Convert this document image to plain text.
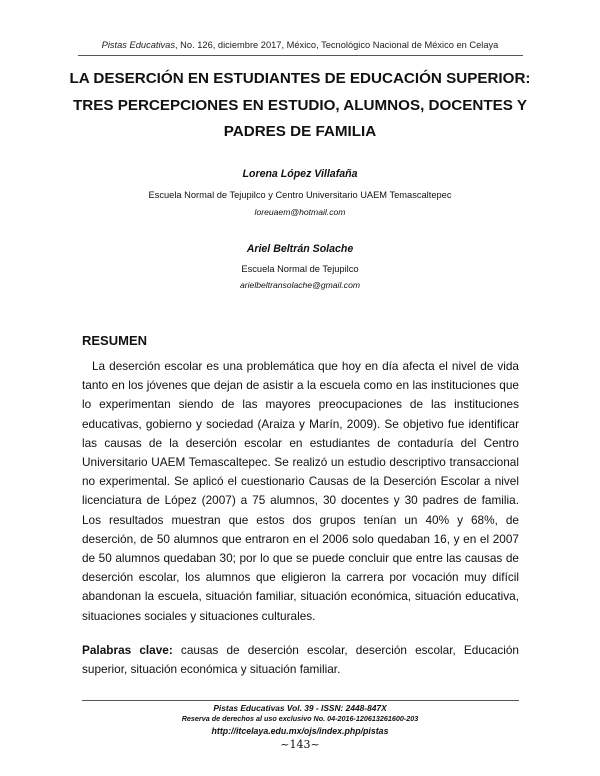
Pistas Educativas, No. 126, diciembre 2017, México, Tecnológico Nacional de México en Celaya
LA DESERCIÓN EN ESTUDIANTES DE EDUCACIÓN SUPERIOR: TRES PERCEPCIONES EN ESTUDIO, ALUMNOS, DOCENTES Y PADRES DE FAMILIA
Lorena López Villafaña
Escuela Normal de Tejupilco y Centro Universitario UAEM Temascaltepec
loreuaem@hotmail.com
Ariel Beltrán Solache
Escuela Normal de Tejupilco
arielbeltransolache@gmail.com
RESUMEN

La deserción escolar es una problemática que hoy en día afecta el nivel de vida tanto en los jóvenes que dejan de asistir a la escuela como en las instituciones que lo experimentan siendo de las mayores preocupaciones de las instituciones educativas, gobierno y sociedad (Araiza y Marín, 2009). Se objetivo fue identificar las causas de la deserción escolar en estudiantes de contaduría del Centro Universitario UAEM Temascaltepec. Se realizó un estudio descriptivo transaccional no experimental. Se aplicó el cuestionario Causas de la Deserción Escolar a nivel licenciatura de López (2007) a 75 alumnos, 30 docentes y 30 padres de familia. Los resultados muestran que estos dos grupos tenían un 40% y 68%, de deserción, de 50 alumnos que entraron en el 2006 solo quedaban 16, y en el 2007 de 50 alumnos quedaban 30; por lo que se puede concluir que entre las causas de deserción escolar, los alumnos que eligieron la carrera por vocación muy difícil abandonan la escuela, situación familiar, situación económica, situación educativa, situaciones sociales y situaciones culturales.

Palabras clave: causas de deserción escolar, deserción escolar, Educación superior, situación económica y situación familiar.

Pistas Educativas Vol. 39 - ISSN: 2448-847X
Reserva de derechos al uso exclusivo No. 04-2016-120613261600-203
http://itcelaya.edu.mx/ojs/index.php/pistas
~143~
